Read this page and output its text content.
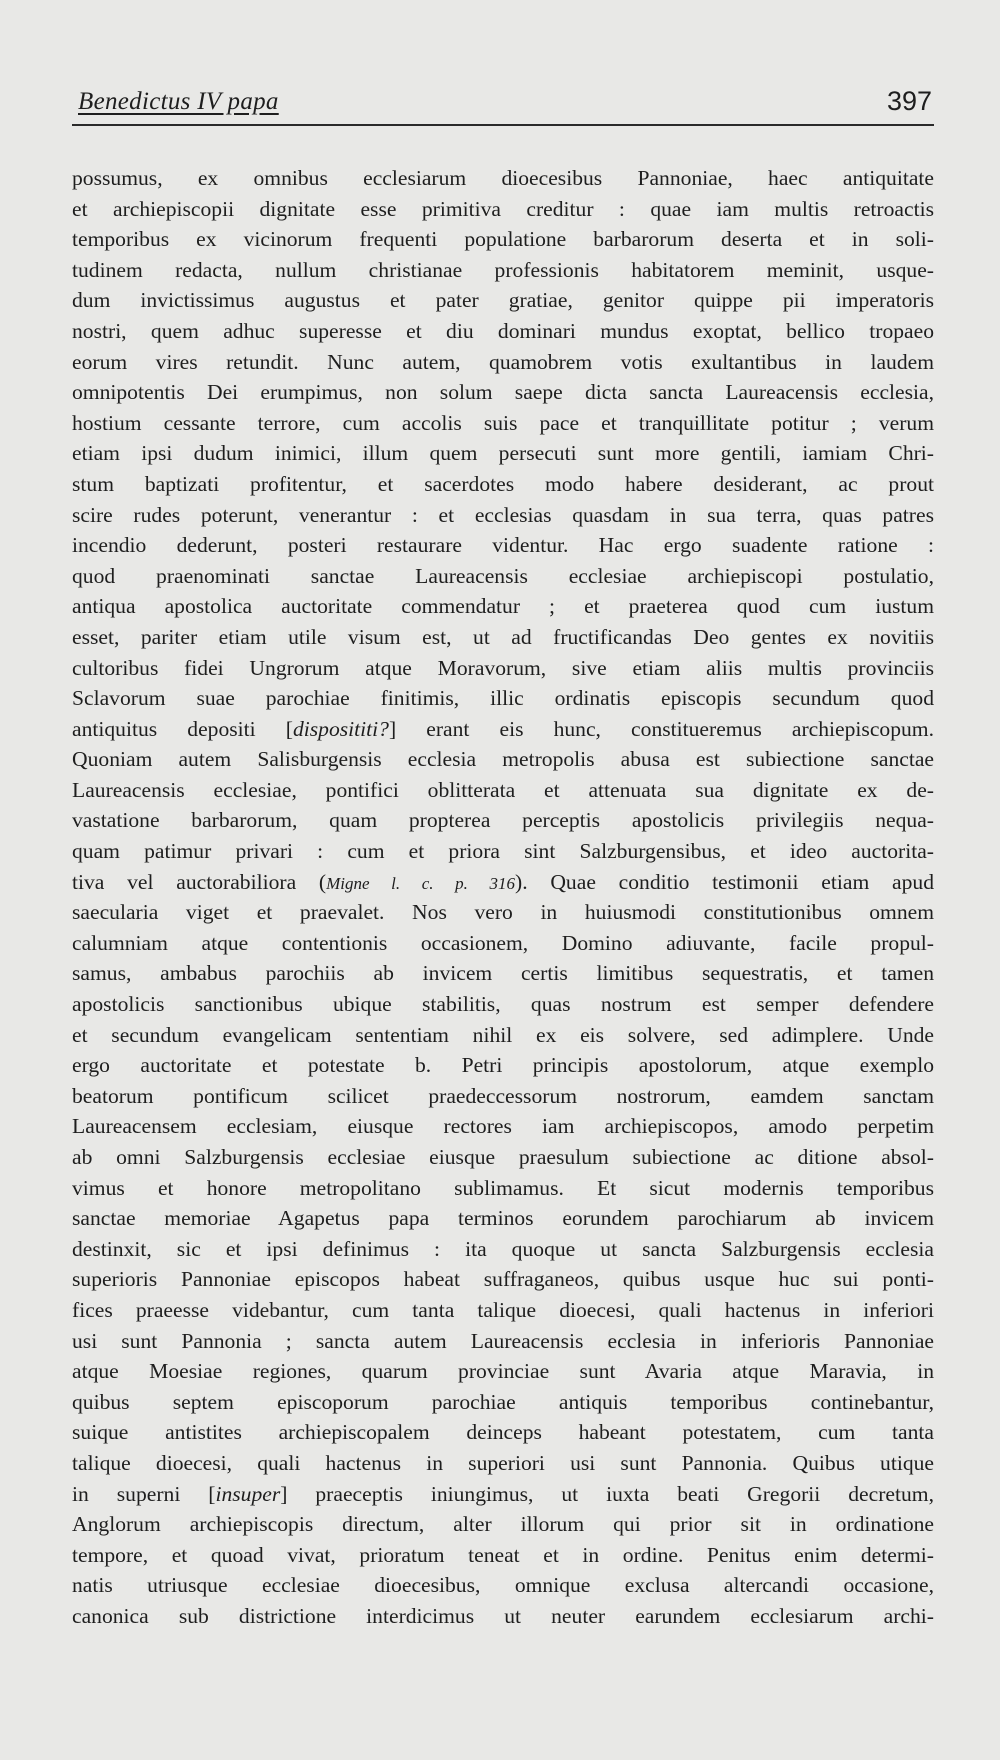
Benedictus IV papa	397
possumus, ex omnibus ecclesiarum dioecesibus Pannoniae, haec antiquitate
et archiepiscopii dignitate esse primitiva creditur : quae iam multis retroactis
temporibus ex vicinorum frequenti populatione barbarorum deserta et in soli-
tudinem redacta, nullum christianae professionis habitatorem meminit, usque-
dum invictissimus augustus et pater gratiae, genitor quippe pii imperatoris
nostri, quem adhuc superesse et diu dominari mundus exoptat, bellico tropaeo
eorum vires retundit. Nunc autem, quamobrem votis exultantibus in laudem
omnipotentis Dei erumpimus, non solum saepe dicta sancta Laureacensis ecclesia,
hostium cessante terrore, cum accolis suis pace et tranquillitate potitur ; verum
etiam ipsi dudum inimici, illum quem persecuti sunt more gentili, iamiam Chri-
stum baptizati profitentur, et sacerdotes modo habere desiderant, ac prout
scire rudes poterunt, venerantur : et ecclesias quasdam in sua terra, quas patres
incendio dederunt, posteri restaurare videntur. Hac ergo suadente ratione :
quod praenominati sanctae Laureacensis ecclesiae archiepiscopi postulatio,
antiqua apostolica auctoritate commendatur ; et praeterea quod cum iustum
esset, pariter etiam utile visum est, ut ad fructificandas Deo gentes ex novitiis
cultoribus fidei Ungrorum atque Moravorum, sive etiam aliis multis provinciis
Sclavorum suae parochiae finitimis, illic ordinatis episcopis secundum quod
antiquitus depositi [disposititi?] erant eis hunc, constitueremus archiepiscopum.
Quoniam autem Salisburgensis ecclesia metropolis abusa est subiectione sanctae
Laureacensis ecclesiae, pontifici oblitterata et attenuata sua dignitate ex de-
vastatione barbarorum, quam propterea perceptis apostolicis privilegiis nequa-
quam patimur privari : cum et priora sint Salzburgensibus, et ideo auctorita-
tiva vel auctorabiliora (Migne l. c. p. 316). Quae conditio testimonii etiam apud
saecularia viget et praevalet. Nos vero in huiusmodi constitutionibus omnem
calumniam atque contentionis occasionem, Domino adiuvante, facile propul-
samus, ambabus parochiis ab invicem certis limitibus sequestratis, et tamen
apostolicis sanctionibus ubique stabilitis, quas nostrum est semper defendere
et secundum evangelicam sententiam nihil ex eis solvere, sed adimplere. Unde
ergo auctoritate et potestate b. Petri principis apostolorum, atque exemplo
beatorum pontificum scilicet praedeccessorum nostrorum, eamdem sanctam
Laureacensem ecclesiam, eiusque rectores iam archiepiscopos, amodo perpetim
ab omni Salzburgensis ecclesiae eiusque praesulum subiectione ac ditione absol-
vimus et honore metropolitano sublimamus. Et sicut modernis temporibus
sanctae memoriae Agapetus papa terminos eorundem parochiarum ab invicem
destinxit, sic et ipsi definimus : ita quoque ut sancta Salzburgensis ecclesia
superioris Pannoniae episcopos habeat suffraganeos, quibus usque huc sui ponti-
fices praeesse videbantur, cum tanta talique dioecesi, quali hactenus in inferiori
usi sunt Pannonia ; sancta autem Laureacensis ecclesia in inferioris Pannoniae
atque Moesiae regiones, quarum provinciae sunt Avaria atque Maravia, in
quibus septem episcoporum parochiae antiquis temporibus continebantur,
suique antistites archiepiscopalem deinceps habeant potestatem, cum tanta
talique dioecesi, quali hactenus in superiori usi sunt Pannonia. Quibus utique
in superni [insuper] praeceptis iniungimus, ut iuxta beati Gregorii decretum,
Anglorum archiepiscopis directum, alter illorum qui prior sit in ordinatione
tempore, et quoad vivat, prioratum teneat et in ordine. Penitus enim determi-
natis utriusque ecclesiae dioecesibus, omnique exclusa altercandi occasione,
canonica sub districtione interdicimus ut neuter earundem ecclesiarum archi-
